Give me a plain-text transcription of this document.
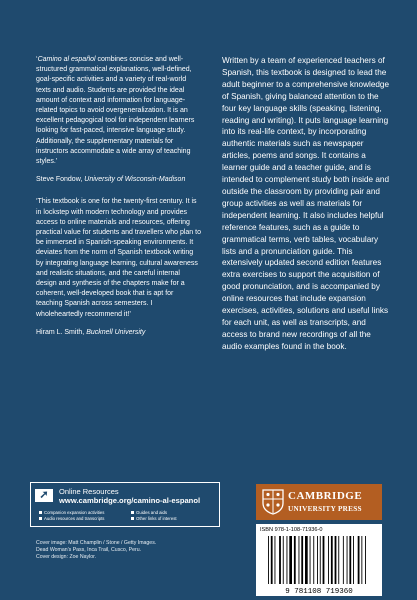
‘Camino al español combines concise and well-structured grammatical explanations, well-defined, goal-specific activities and a variety of real-world texts and audio. Students are provided the ideal amount of context and information for language-related topics to avoid overgeneralization. It is an excellent pedagogical tool for independent learners looking for fast-paced, intensive language study. Additionally, the supplementary materials for instructors accommodate a wide array of teaching styles.’

Steve Fondow, University of Wisconsin-Madison

‘This textbook is one for the twenty-first century. It is in lockstep with modern technology and provides access to online materials and resources, offering practical value for students and travellers who plan to be immersed in Spanish-speaking environments. It deviates from the norm of Spanish textbook writing by integrating language learning, cultural awareness and realistic situations, and the careful internal design and synthesis of the chapters make for a coherent, well-developed book that is apt for teaching Spanish across semesters. I wholeheartedly recommend it!’

Hiram L. Smith, Bucknell University

Written by a team of experienced teachers of Spanish, this textbook is designed to lead the adult beginner to a comprehensive knowledge of Spanish, giving balanced attention to the four key language skills (speaking, listening, reading and writing). It puts language learning into its real-life context, by incorporating authentic materials such as newspaper articles, poems and songs. It contains a learner guide and a teacher guide, and is intended to complement study both inside and outside the classroom by providing pair and group activities as well as materials for independent learning. It also includes helpful reference features, such as a guide to grammatical terms, verb tables, vocabulary lists and a pronunciation guide. This extensively updated second edition features extra exercises to support the acquisition of good pronunciation, and is accompanied by online resources that include expansion exercises, activities, solutions and useful links for each unit, as well as transcripts, and access to brand new recordings of all the audio examples found in the book.

➚	Online Resources
www.cambridge.org/camino-al-espanol
Companion expansion activities
Audio resources and transcripts
Guides and aids
Other links of interest
Cover image: Matt Champlin / Stone / Getty Images.
Dead Woman’s Pass, Inca Trail, Cusco, Peru.
Cover design: Zoe Naylor.
CAMBRIDGE
UNIVERSITY PRESS
ISBN 978-1-108-71936-0
9 781108 719360
